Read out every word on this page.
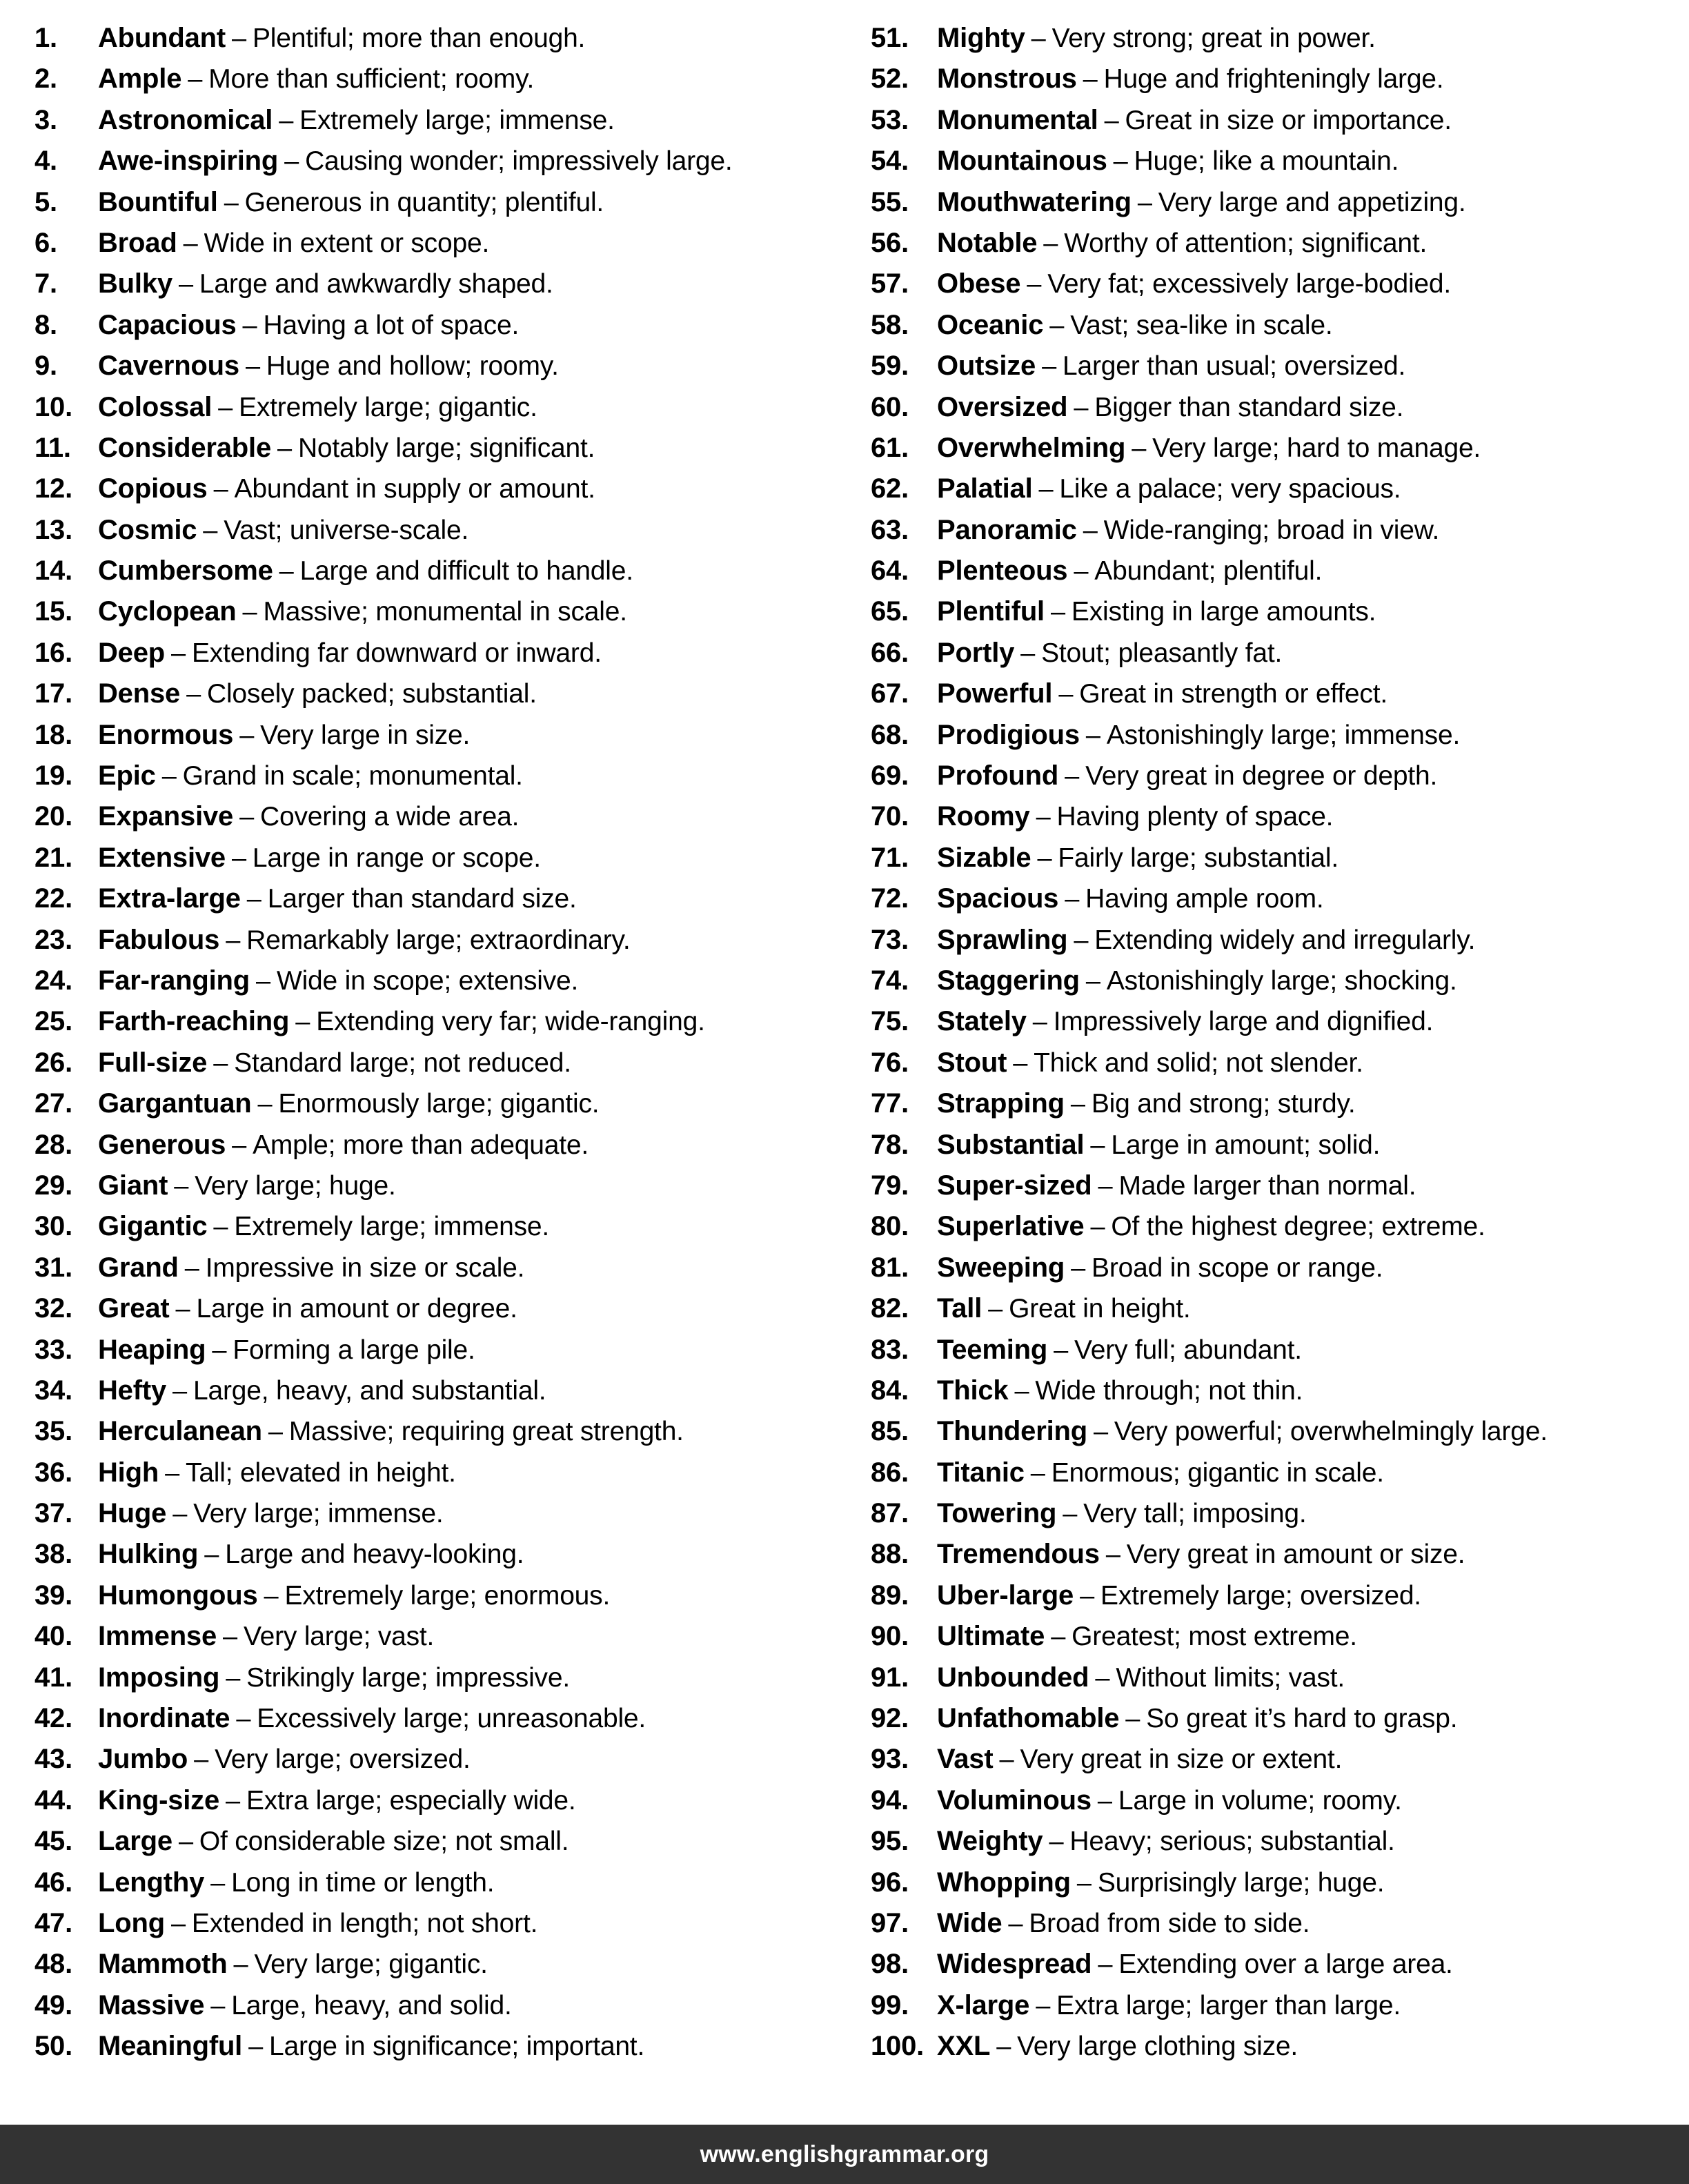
1.	Abundant – Plentiful; more than enough.
2.	Ample – More than sufficient; roomy.
3.	Astronomical – Extremely large; immense.
4.	Awe-inspiring – Causing wonder; impressively large.
5.	Bountiful – Generous in quantity; plentiful.
6.	Broad – Wide in extent or scope.
7.	Bulky – Large and awkwardly shaped.
8.	Capacious – Having a lot of space.
9.	Cavernous – Huge and hollow; roomy.
10. Colossal – Extremely large; gigantic.
11. Considerable – Notably large; significant.
12. Copious – Abundant in supply or amount.
13. Cosmic – Vast; universe-scale.
14. Cumbersome – Large and difficult to handle.
15. Cyclopean – Massive; monumental in scale.
16. Deep – Extending far downward or inward.
17. Dense – Closely packed; substantial.
18. Enormous – Very large in size.
19. Epic – Grand in scale; monumental.
20. Expansive – Covering a wide area.
21. Extensive – Large in range or scope.
22. Extra-large – Larger than standard size.
23. Fabulous – Remarkably large; extraordinary.
24. Far-ranging – Wide in scope; extensive.
25. Farth-reaching – Extending very far; wide-ranging.
26. Full-size – Standard large; not reduced.
27. Gargantuan – Enormously large; gigantic.
28. Generous – Ample; more than adequate.
29. Giant – Very large; huge.
30. Gigantic – Extremely large; immense.
31. Grand – Impressive in size or scale.
32. Great – Large in amount or degree.
33. Heaping – Forming a large pile.
34. Hefty – Large, heavy, and substantial.
35. Herculanean – Massive; requiring great strength.
36. High – Tall; elevated in height.
37. Huge – Very large; immense.
38. Hulking – Large and heavy-looking.
39. Humongous – Extremely large; enormous.
40. Immense – Very large; vast.
41. Imposing – Strikingly large; impressive.
42. Inordinate – Excessively large; unreasonable.
43. Jumbo – Very large; oversized.
44. King-size – Extra large; especially wide.
45. Large – Of considerable size; not small.
46. Lengthy – Long in time or length.
47. Long – Extended in length; not short.
48. Mammoth – Very large; gigantic.
49. Massive – Large, heavy, and solid.
50. Meaningful – Large in significance; important.
51.	Mighty – Very strong; great in power.
52.	Monstrous – Huge and frighteningly large.
53.	Monumental – Great in size or importance.
54.	Mountainous – Huge; like a mountain.
55.	Mouthwatering – Very large and appetizing.
56.	Notable – Worthy of attention; significant.
57.	Obese – Very fat; excessively large-bodied.
58.	Oceanic – Vast; sea-like in scale.
59.	Outsize – Larger than usual; oversized.
60.	Oversized – Bigger than standard size.
61.	Overwhelming – Very large; hard to manage.
62.	Palatial – Like a palace; very spacious.
63.	Panoramic – Wide-ranging; broad in view.
64.	Plenteous – Abundant; plentiful.
65.	Plentiful – Existing in large amounts.
66.	Portly – Stout; pleasantly fat.
67.	Powerful – Great in strength or effect.
68.	Prodigious – Astonishingly large; immense.
69.	Profound – Very great in degree or depth.
70.	Roomy – Having plenty of space.
71.	Sizable – Fairly large; substantial.
72.	Spacious – Having ample room.
73.	Sprawling – Extending widely and irregularly.
74.	Staggering – Astonishingly large; shocking.
75.	Stately – Impressively large and dignified.
76.	Stout – Thick and solid; not slender.
77.	Strapping – Big and strong; sturdy.
78.	Substantial – Large in amount; solid.
79.	Super-sized – Made larger than normal.
80.	Superlative – Of the highest degree; extreme.
81.	Sweeping – Broad in scope or range.
82.	Tall – Great in height.
83.	Teeming – Very full; abundant.
84.	Thick – Wide through; not thin.
85.	Thundering – Very powerful; overwhelmingly large.
86.	Titanic – Enormous; gigantic in scale.
87.	Towering – Very tall; imposing.
88.	Tremendous – Very great in amount or size.
89.	Uber-large – Extremely large; oversized.
90.	Ultimate – Greatest; most extreme.
91.	Unbounded – Without limits; vast.
92.	Unfathomable – So great it’s hard to grasp.
93.	Vast – Very great in size or extent.
94.	Voluminous – Large in volume; roomy.
95.	Weighty – Heavy; serious; substantial.
96.	Whopping – Surprisingly large; huge.
97.	Wide – Broad from side to side.
98.	Widespread – Extending over a large area.
99.	X-large – Extra large; larger than large.
100. XXL – Very large clothing size.
www.englishgrammar.org
